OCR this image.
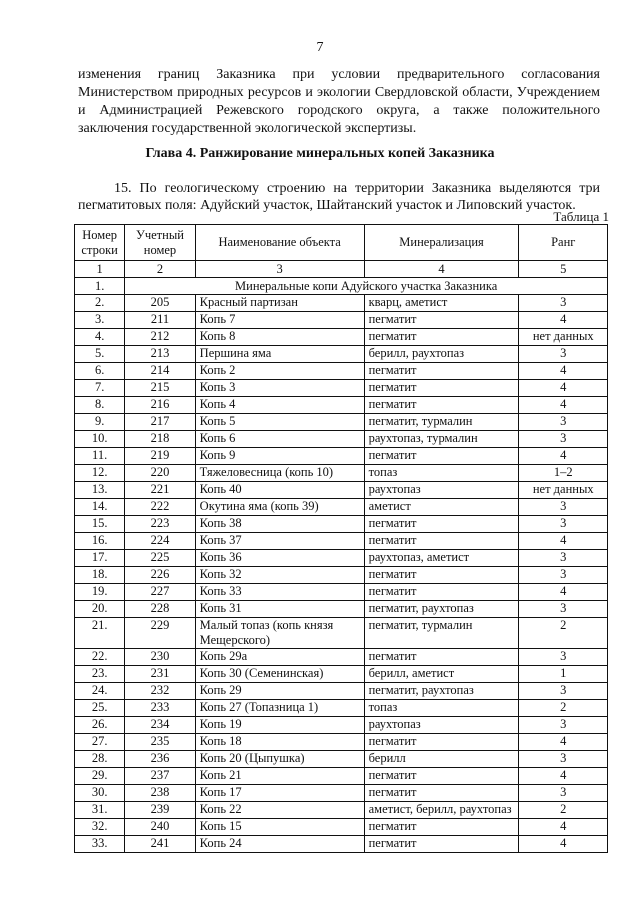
7
изменения границ Заказника при условии предварительного согласования Министерством природных ресурсов и экологии Свердловской области, Учреждением и Администрацией Режевского городского округа, а также положительного заключения государственной экологической экспертизы.
Глава 4. Ранжирование минеральных копей Заказника
15. По геологическому строению на территории Заказника выделяются три пегматитовых поля: Адуйский участок, Шайтанский участок и Липовский участок.
Таблица 1
Номер строки	Учетный номер	Наименование объекта	Минерализация	Ранг
1	2	3	4	5
1.	Минеральные копи Адуйского участка Заказника			
2.	205	Красный партизан	кварц, аметист	3
3.	211	Копь 7	пегматит	4
4.	212	Копь 8	пегматит	нет данных
5.	213	Першина яма	берилл, раухтопаз	3
6.	214	Копь 2	пегматит	4
7.	215	Копь 3	пегматит	4
8.	216	Копь 4	пегматит	4
9.	217	Копь 5	пегматит, турмалин	3
10.	218	Копь 6	раухтопаз, турмалин	3
11.	219	Копь 9	пегматит	4
12.	220	Тяжеловесница (копь 10)	топаз	1–2
13.	221	Копь 40	раухтопаз	нет данных
14.	222	Окутина яма (копь 39)	аметист	3
15.	223	Копь 38	пегматит	3
16.	224	Копь 37	пегматит	4
17.	225	Копь 36	раухтопаз, аметист	3
18.	226	Копь 32	пегматит	3
19.	227	Копь 33	пегматит	4
20.	228	Копь 31	пегматит, раухтопаз	3
21.	229	Малый топаз (копь князя Мещерского)	пегматит, турмалин	2
22.	230	Копь 29а	пегматит	3
23.	231	Копь 30 (Семенинская)	берилл, аметист	1
24.	232	Копь 29	пегматит, раухтопаз	3
25.	233	Копь 27 (Топазница 1)	топаз	2
26.	234	Копь 19	раухтопаз	3
27.	235	Копь 18	пегматит	4
28.	236	Копь 20 (Цыпушка)	берилл	3
29.	237	Копь 21	пегматит	4
30.	238	Копь 17	пегматит	3
31.	239	Копь 22	аметист, берилл, раухтопаз	2
32.	240	Копь 15	пегматит	4
33.	241	Копь 24	пегматит	4
